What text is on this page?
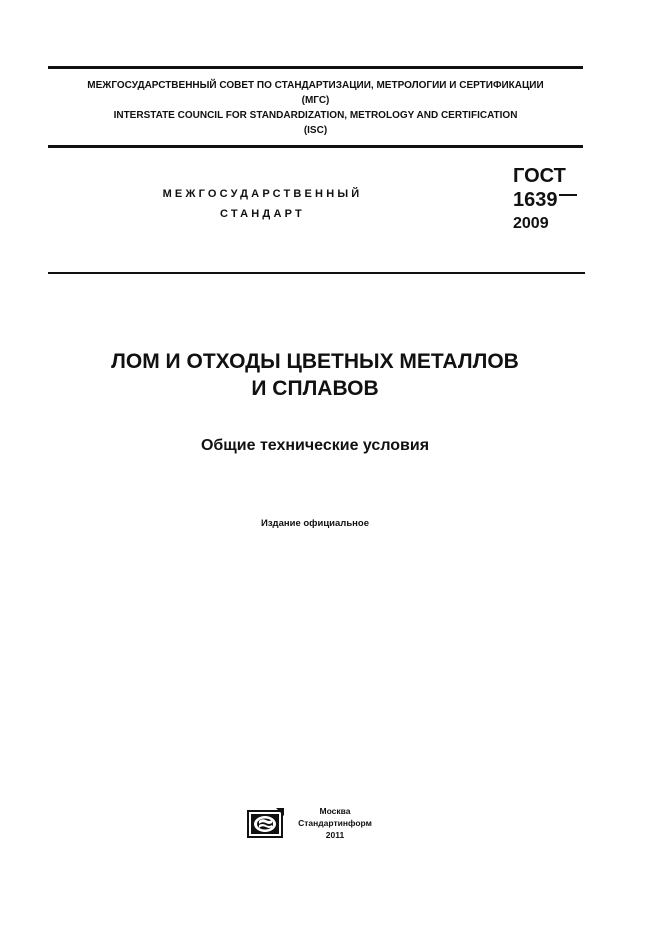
МЕЖГОСУДАРСТВЕННЫЙ СОВЕТ ПО СТАНДАРТИЗАЦИИ, МЕТРОЛОГИИ И СЕРТИФИКАЦИИ
(МГС)
INTERSTATE COUNCIL FOR STANDARDIZATION, METROLOGY AND CERTIFICATION
(ISC)
МЕЖГОСУДАРСТВЕННЫЙ
СТАНДАРТ
ГОСТ
1639
2009
ЛОМ И ОТХОДЫ ЦВЕТНЫХ МЕТАЛЛОВ
И СПЛАВОВ
Общие технические условия
Издание официальное
Москва
Стандартинформ
2011
